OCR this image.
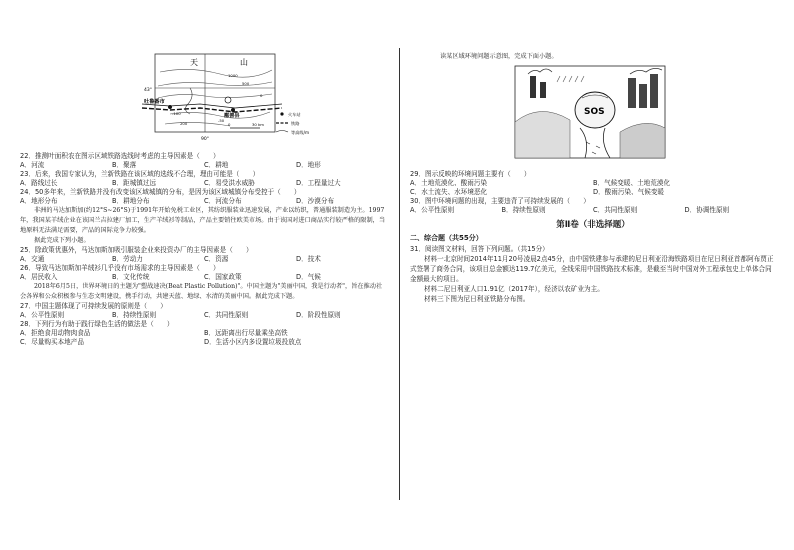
天	山
43°
90°
1000
500
0
-100
200
-50
吐鲁番市
鄯善县
0	30 km
火车站
铁路
等高线/m

22．推测叶面积农在图示区域铁路选线时考虑的主导因素是（　　）

A．河流	B．聚落	C．耕地	D．地形

23．后来，我国专家认为，兰新铁路在该区域的选线不合理，理由可能是（　　）

A．路线过长	B．距城镇过远	C．易受洪水威胁	D．工程量过大

24．50多年来，兰新铁路并没有改变该区域城镇的分布，是因为该区域城镇分布受控于（　　）

A．地形分布	B．耕地分布	C．河流分布	D．沙漠分布

非洲的马达加斯加(约12°S~26°S)于1991年开始免税工业区，其纺织服装业迅速发展，产业以纺织，普通服装制造为主。1997年，我国某羊绒企业在该国兰吉拉建厂加工，生产羊绒衫等制品，产品主要销往欧美市场。由于该国对进口商品实行较严格的限制，当地原料无法满足需要，产品的国际竞争力较强。

据此完成下列小题。

25．除政策优惠外，马达加斯加吸引服装企业来投资办厂的主导因素是（　　）

A．交通	B．劳动力	C．资源	D．技术

26．导致马达加斯加羊绒衫几乎没有市场需求的主导因素是（　　）

A．居民收入	B．文化传统	C．国家政策	D．气候

2018年6月5日，世界环境日的主题为"塑战速决(Beat Plastic Pollution)"。中国主题为"美丽中国，我是行动者"，旨在推动社会各界和公众积极参与生态文明建设，携手行动，共建天蓝、地绿、水清的美丽中国。据此完成下题。

27．中国主题体现了可持续发展的原则是（　　）

A．公平性原则	B．持续性原则	C．共同性原则	D．阶段性原则

28．下列行为有助于践行绿色生活的做法是（　　）

A．拒绝食用动物肉食品	B．远距离出行尽量乘坐高铁
C．尽量购买本地产品	D．生活小区内多设置垃圾投放点

读某区域环境问题示意图，完成下面小题。

SOS

29．图示反映的环境问题主要有（　　）

A．土地荒漠化、酸雨污染	B．气候变暖、土地荒漠化
C．水土流失、水环境恶化	D．酸雨污染、气候变暖

30．图中环境问题的出现，主要违背了可持续发展的（　　）

A．公平性原则	B．持续性原则	C．共同性原则	D．协调性原则
第Ⅱ卷（非选择题）
二、综合题（共55分）

31．阅读图文材料，回答下列问题。（共15分）

材料一北京时间2014年11月20号凌晨2点45分，由中国铁建参与承建的尼日利亚沿海铁路项目在尼日利亚首都阿布贾正式签署了商务合同，该项目总金额达119.7亿美元，全线采用中国铁路技术标准，是截至当时中国对外工程承包史上单体合同金额最大的项目。

材料二尼日利亚人口1.91亿（2017年），经济以农矿业为主。

材料三下图为尼日利亚铁路分布图。
